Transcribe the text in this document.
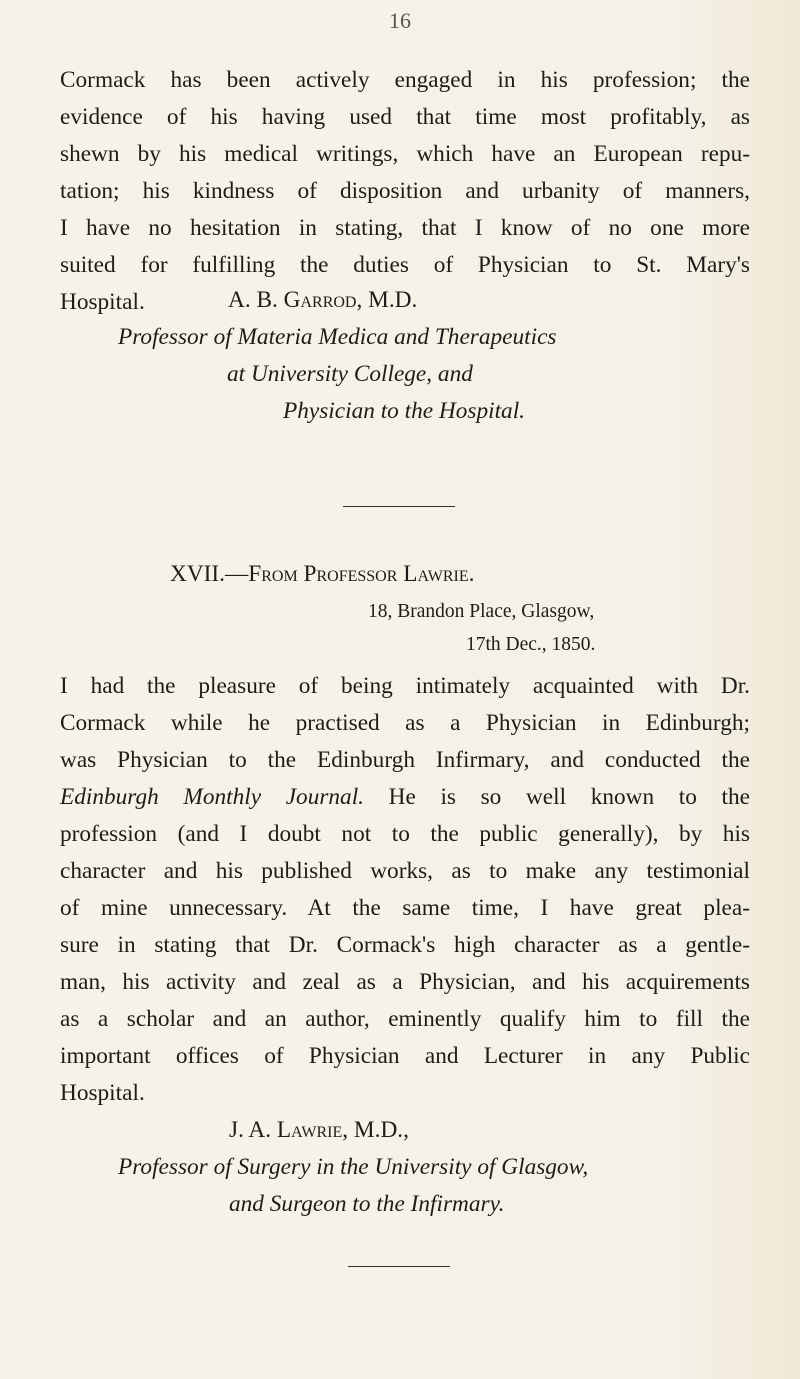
16
Cormack has been actively engaged in his profession; the
evidence of his having used that time most profitably, as
shewn by his medical writings, which have an European repu-
tation; his kindness of disposition and urbanity of manners,
I have no hesitation in stating, that I know of no one more
suited for fulfilling the duties of Physician to St. Mary's
Hospital.	A. B. Garrod, M.D.
Professor of Materia Medica and Therapeutics
at University College, and
Physician to the Hospital.
XVII.—From Professor Lawrie.
18, Brandon Place, Glasgow,
17th Dec., 1850.
I had the pleasure of being intimately acquainted with Dr.
Cormack while he practised as a Physician in Edinburgh;
was Physician to the Edinburgh Infirmary, and conducted the
Edinburgh Monthly Journal. He is so well known to the
profession (and I doubt not to the public generally), by his
character and his published works, as to make any testimonial
of mine unnecessary. At the same time, I have great plea-
sure in stating that Dr. Cormack's high character as a gentle-
man, his activity and zeal as a Physician, and his acquirements
as a scholar and an author, eminently qualify him to fill the
important offices of Physician and Lecturer in any Public
Hospital.
J. A. Lawrie, M.D.,
Professor of Surgery in the University of Glasgow,
and Surgeon to the Infirmary.
